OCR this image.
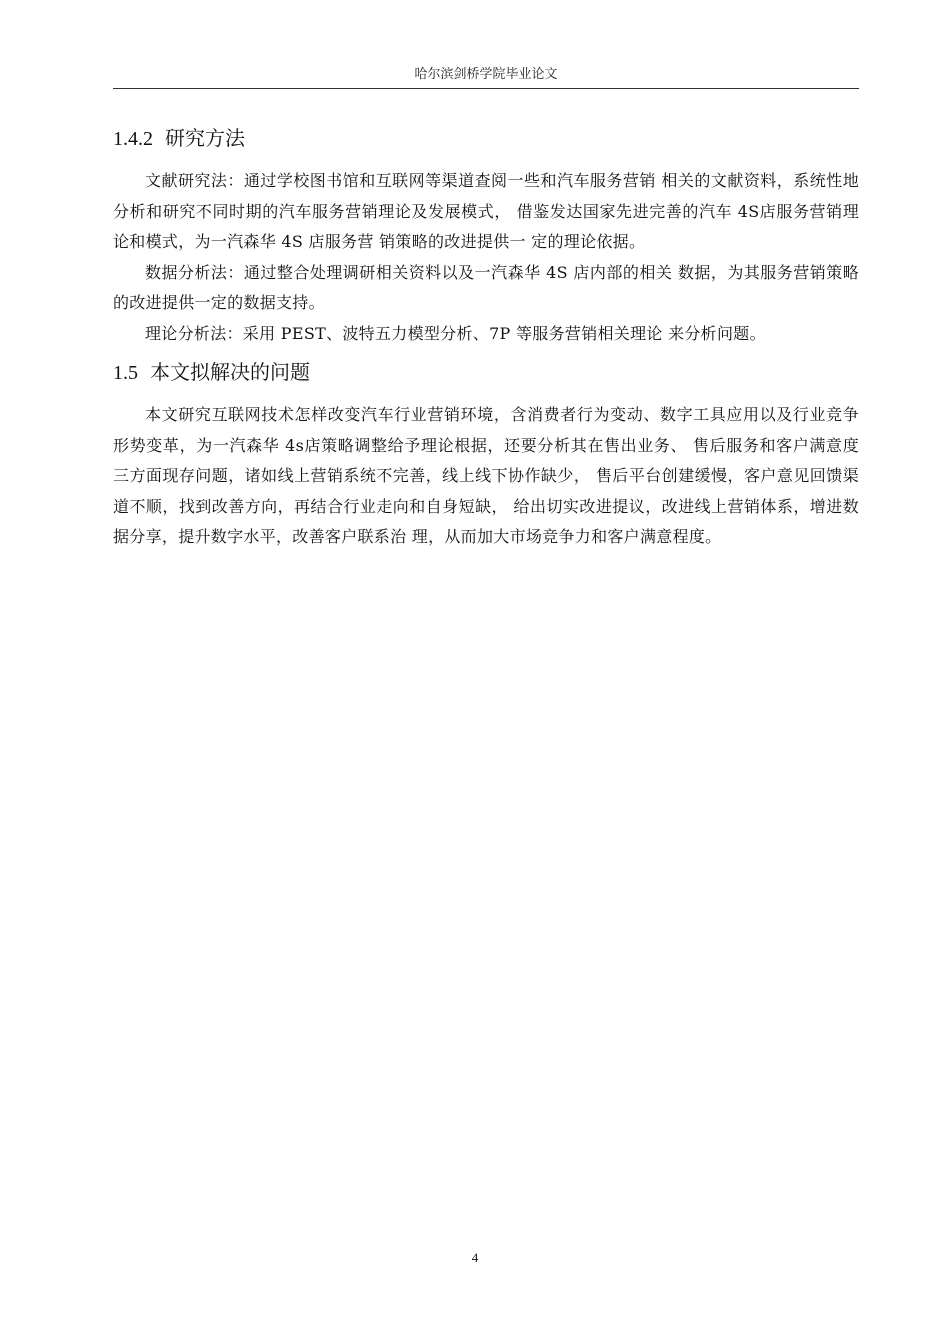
哈尔滨剑桥学院毕业论文
1.4.2 研究方法

文献研究法：通过学校图书馆和互联网等渠道查阅一些和汽车服务营销 相关的文献资料，系统性地分析和研究不同时期的汽车服务营销理论及发展模式， 借鉴发达国家先进完善的汽车 4S店服务营销理论和模式，为一汽森华 4S 店服务营 销策略的改进提供一 定的理论依据。

数据分析法：通过整合处理调研相关资料以及一汽森华 4S 店内部的相关 数据，为其服务营销策略的改进提供一定的数据支持。

理论分析法：采用 PEST、波特五力模型分析、7P 等服务营销相关理论 来分析问题。

1.5 本文拟解决的问题

本文研究互联网技术怎样改变汽车行业营销环境，含消费者行为变动、数字工具应用以及行业竞争形势变革，为一汽森华 4s店策略调整给予理论根据，还要分析其在售出业务、 售后服务和客户满意度三方面现存问题，诸如线上营销系统不完善，线上线下协作缺少， 售后平台创建缓慢，客户意见回馈渠道不顺，找到改善方向，再结合行业走向和自身短缺， 给出切实改进提议，改进线上营销体系，增进数据分享，提升数字水平，改善客户联系治 理，从而加大市场竞争力和客户满意程度。

4
